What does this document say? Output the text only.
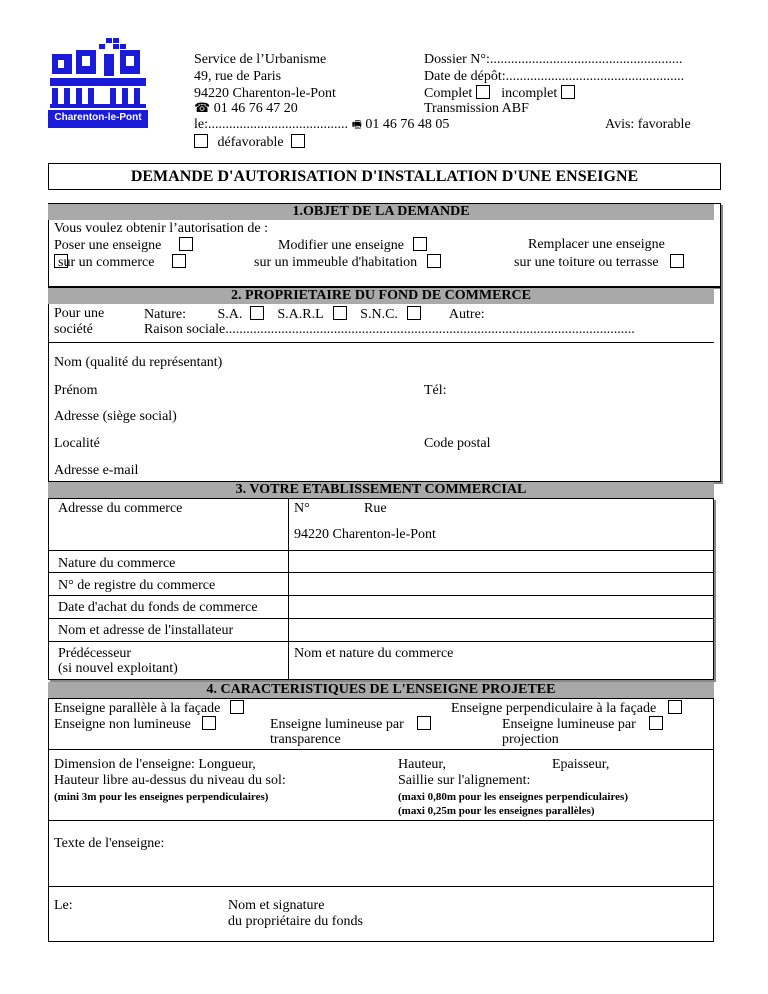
Charenton-le-Pont
Service de l’Urbanisme
49, rue de Paris
94220 Charenton-le-Pont
☎ 01 46 76 47 20
le:........................................ 🖷 01 46 76 48 05
défavorable
Dossier N°:.......................................................
Date de dépôt:...................................................
Complet incomplet
Transmission ABF
Avis: favorable
DEMANDE D'AUTORISATION D'INSTALLATION D'UNE ENSEIGNE
1.OBJET DE LA DEMANDE
Vous voulez obtenir l’autorisation de :
Poser une enseigne
sur un commerce
Modifier une enseigne
sur un immeuble d'habitation
Remplacer une enseigne
sur une toiture ou terrasse
2. PROPRIETAIRE DU FOND DE COMMERCE
Pour une
société
Nature: S.A.	S.A.R.L	S.N.C.	Autre:
Raison sociale.....................................................................................................................
Nom (qualité du représentant)
Prénom	Tél:
Adresse (siège social)
Localité	Code postal
Adresse e-mail
3. VOTRE ETABLISSEMENT COMMERCIAL
Adresse du commerce	N°	Rue
94220 Charenton-le-Pont
Nature du commerce
N° de registre du commerce
Date d'achat du fonds de commerce
Nom et adresse de l'installateur
Prédécesseur
(si nouvel exploitant)
Nom et nature du commerce
4. CARACTERISTIQUES DE L'ENSEIGNE PROJETEE
Enseigne parallèle à la façade	Enseigne perpendiculaire à la façade
Enseigne non lumineuse	Enseigne lumineuse par
transparence
Enseigne lumineuse par
projection
Dimension de l'enseigne: Longueur,
Hauteur libre au-dessus du niveau du sol:
(mini 3m pour les enseignes perpendiculaires)
Hauteur,	Epaisseur,
Saillie sur l'alignement:
(maxi 0,80m pour les enseignes perpendiculaires)
(maxi 0,25m pour les enseignes parallèles)
Texte de l'enseigne:
Le:	Nom et signature
du propriétaire du fonds
